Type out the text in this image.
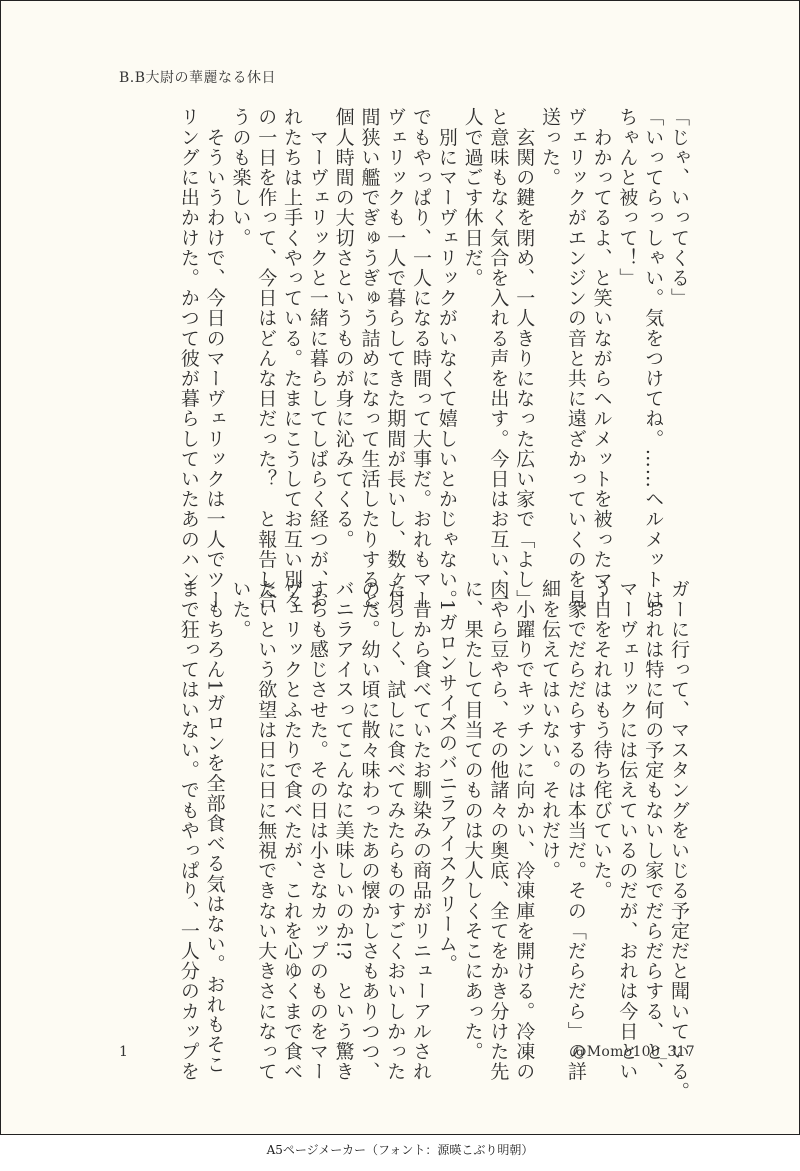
B.B大尉の華麗なる休日
「じゃ、いってくる」
「いってらっしゃい。気をつけてね。……ヘルメットは
ちゃんと被って！」
　わかってるよ、と笑いながらヘルメットを被ったマー
ヴェリックがエンジンの音と共に遠ざかっていくのを見
送った。
　玄関の鍵を閉め、一人きりになった広い家で「よし」
と意味もなく気合を入れる声を出す。今日はお互い、一
人で過ごす休日だ。
　別にマーヴェリックがいなくて嬉しいとかじゃない。
でもやっぱり、一人になる時間って大事だ。おれもマー
ヴェリックも一人で暮らしてきた期間が長いし、数ヶ月
間狭い艦でぎゅうぎゅう詰めになって生活したりすると、
個人時間の大切さというものが身に沁みてくる。
　マーヴェリックと一緒に暮らしてしばらく経つが、お
れたちは上手くやっている。たまにこうしてお互い別々
の一日を作って、今日はどんな日だった？　と報告し合
うのも楽しい。
　そういうわけで、今日のマーヴェリックは一人でツー
リングに出かけた。かつて彼が暮らしていたあのハン
ガーに行って、マスタングをいじる予定だと聞いている。
　おれは特に何の予定もないし家でだらだらする、と、
マーヴェリックには伝えているのだが、おれは今日とい
う日をそれはもう待ち侘びていた。
　家でだらだらするのは本当だ。その「だらだら」の詳
細を伝えてはいない。それだけ。
　小躍りでキッチンに向かい、冷凍庫を開ける。冷凍の
肉やら豆やら、その他諸々の奥底、全てをかき分けた先
に、果たして目当てのものは大人しくそこにあった。
　1ガロンサイズのバニラアイスクリーム。
　昔から食べていたお馴染みの商品がリニューアルされ
たらしく、試しに食べてみたらものすごくおいしかった
のだ。幼い頃に散々味わったあの懐かしさもありつつ、
バニラアイスってこんなに美味しいのか!?　という驚き
すらも感じさせた。その日は小さなカップのものをマー
ヴェリックとふたりで食べたが、これを心ゆくまで食べ
たいという欲望は日に日に無視できない大きさになって
いた。
　もちろん1ガロンを全部食べる気はない。おれもそこ
まで狂ってはいない。でもやっぱり、一人分のカップを
1	@Momo100_317
A5ページメーカー（フォント：源暎こぶり明朝）
